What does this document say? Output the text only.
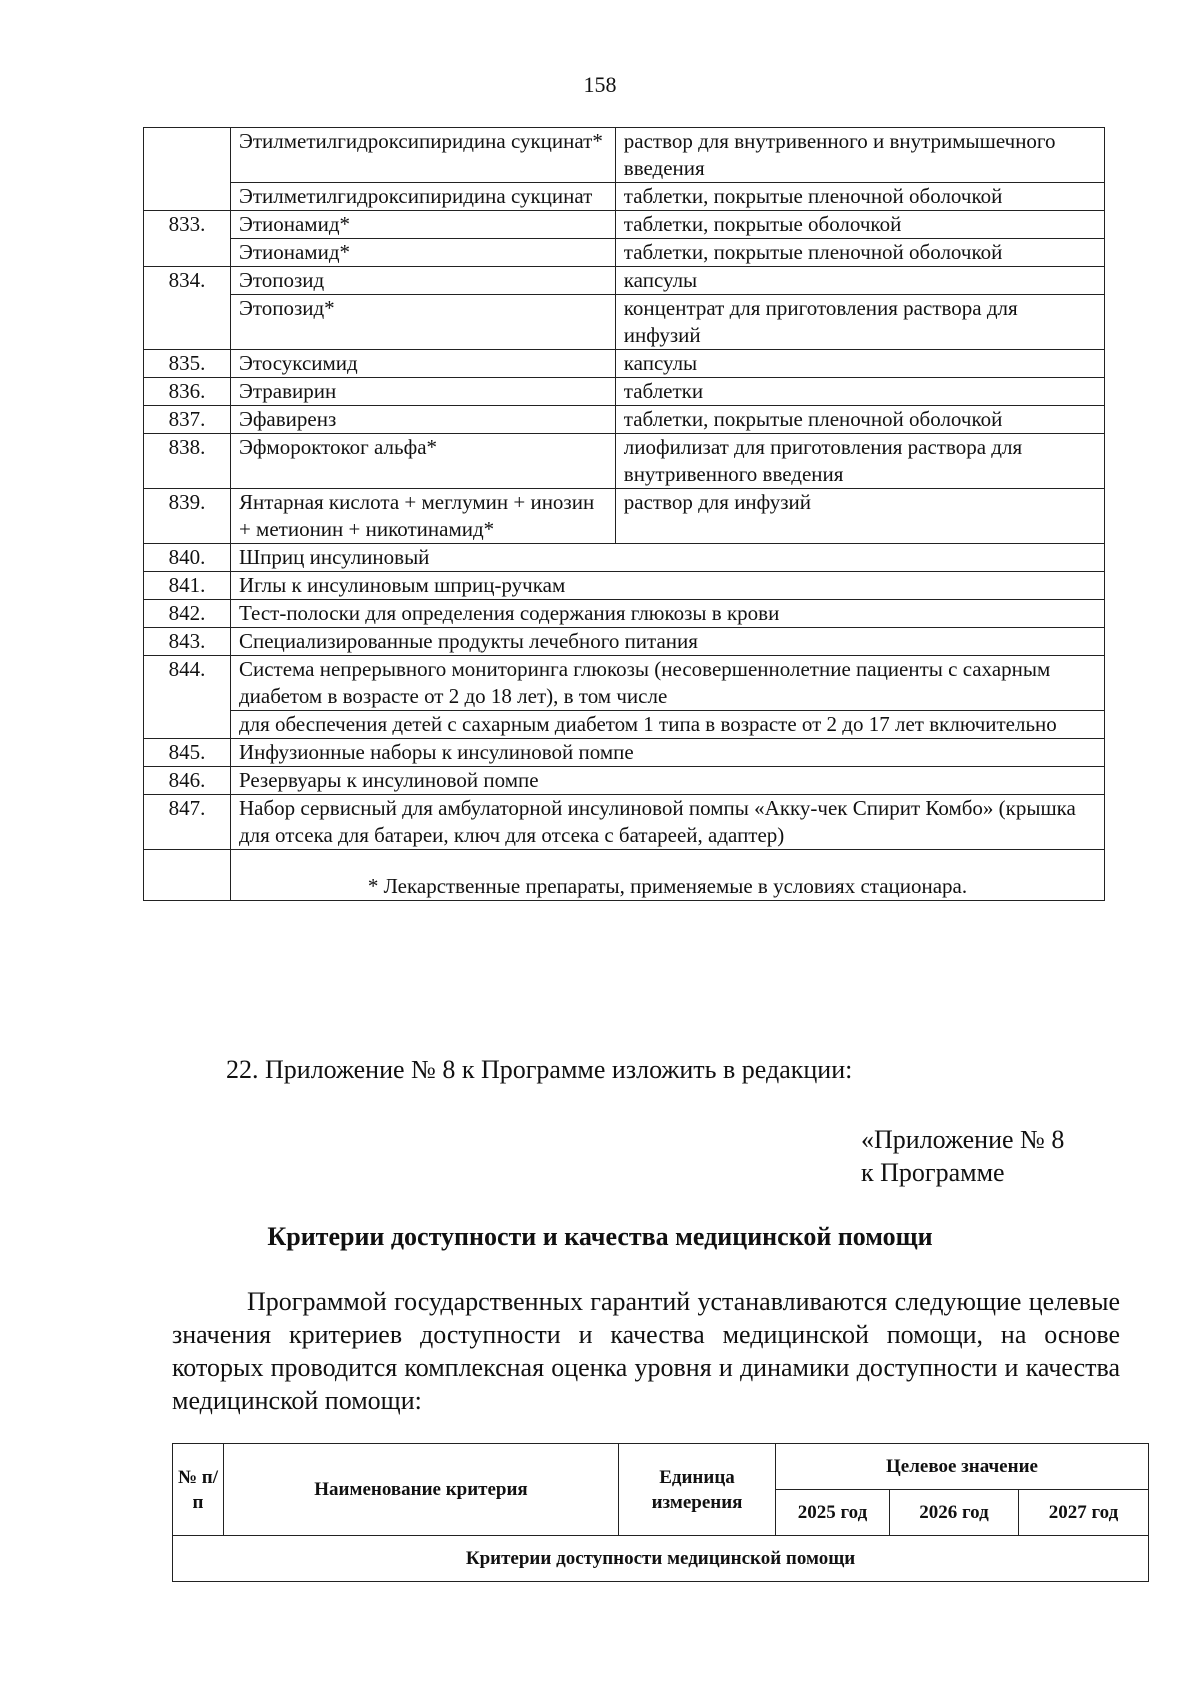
158
	Этилметилгидроксипиридина сукцинат*	раствор для внутривенного и внутримышечного введения
	Этилметилгидроксипиридина сукцинат	таблетки, покрытые пленочной оболочкой
833.	Этионамид*	таблетки, покрытые оболочкой
	Этионамид*	таблетки, покрытые пленочной оболочкой
834.	Этопозид	капсулы
	Этопозид*	концентрат для приготовления раствора для инфузий
835.	Этосуксимид	капсулы
836.	Этравирин	таблетки
837.	Эфавиренз	таблетки, покрытые пленочной оболочкой
838.	Эфмороктоког альфа*	лиофилизат для приготовления раствора для внутривенного введения
839.	Янтарная кислота + меглумин + инозин + метионин + никотинамид*	раствор для инфузий
840.	Шприц инсулиновый	
841.	Иглы к инсулиновым шприц-ручкам	
842.	Тест-полоски для определения содержания глюкозы в крови	
843.	Специализированные продукты лечебного питания	
844.	Система непрерывного мониторинга глюкозы (несовершеннолетние пациенты с сахарным диабетом в возрасте от 2 до 18 лет), в том числе	
	для обеспечения детей с сахарным диабетом 1 типа в возрасте от 2 до 17 лет включительно	
845.	Инфузионные наборы к инсулиновой помпе	
846.	Резервуары к инсулиновой помпе	
847.	Набор сервисный для амбулаторной инсулиновой помпы «Акку-чек Спирит Комбо» (крышка для отсека для батареи, ключ для отсека с батареей, адаптер)	
	* Лекарственные препараты, применяемые в условиях стационара.	
22. Приложение № 8 к Программе изложить в редакции:
«Приложение № 8
к Программе
Критерии доступности и качества медицинской помощи

Программой государственных гарантий устанавливаются следующие целевые значения критериев доступности и качества медицинской помощи, на основе которых проводится комплексная оценка уровня и динамики доступности и качества медицинской помощи:

№ п/п	Наименование критерия	Единица измерения	Целевое значение		
			2025 год	2026 год	2027 год
Критерии доступности медицинской помощи					
